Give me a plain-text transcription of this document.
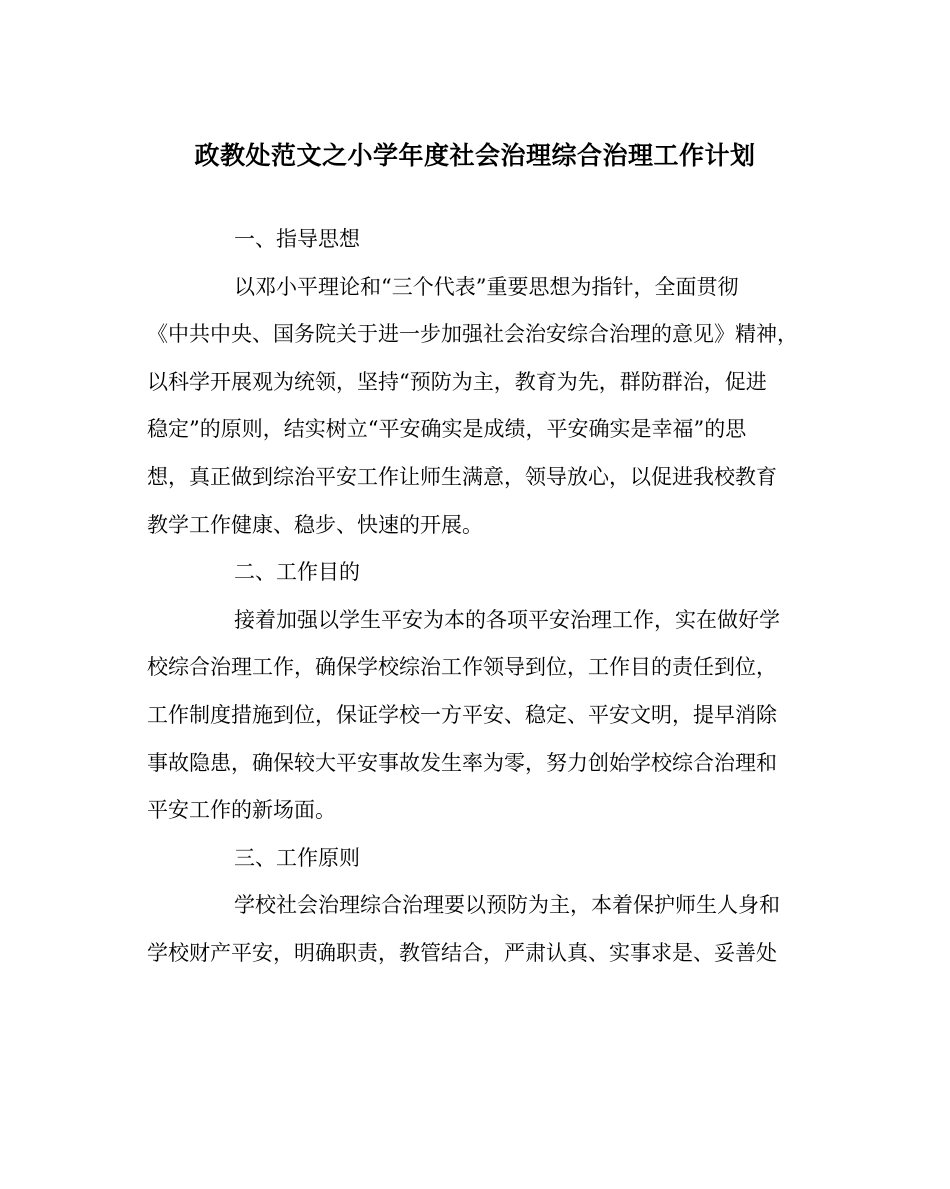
政教处范文之小学年度社会治理综合治理工作计划
一、指导思想
以邓小平理论和“三个代表”重要思想为指针，全面贯彻
《中共中央、国务院关于进一步加强社会治安综合治理的意见》精神，
以科学开展观为统领，坚持“预防为主，教育为先，群防群治，促进
稳定”的原则，结实树立“平安确实是成绩，平安确实是幸福”的思
想，真正做到综治平安工作让师生满意，领导放心，以促进我校教育
教学工作健康、稳步、快速的开展。
二、工作目的
接着加强以学生平安为本的各项平安治理工作，实在做好学
校综合治理工作，确保学校综治工作领导到位，工作目的责任到位，
工作制度措施到位，保证学校一方平安、稳定、平安文明，提早消除
事故隐患，确保较大平安事故发生率为零，努力创始学校综合治理和
平安工作的新场面。
三、工作原则
学校社会治理综合治理要以预防为主，本着保护师生人身和
学校财产平安，明确职责，教管结合，严肃认真、实事求是、妥善处
